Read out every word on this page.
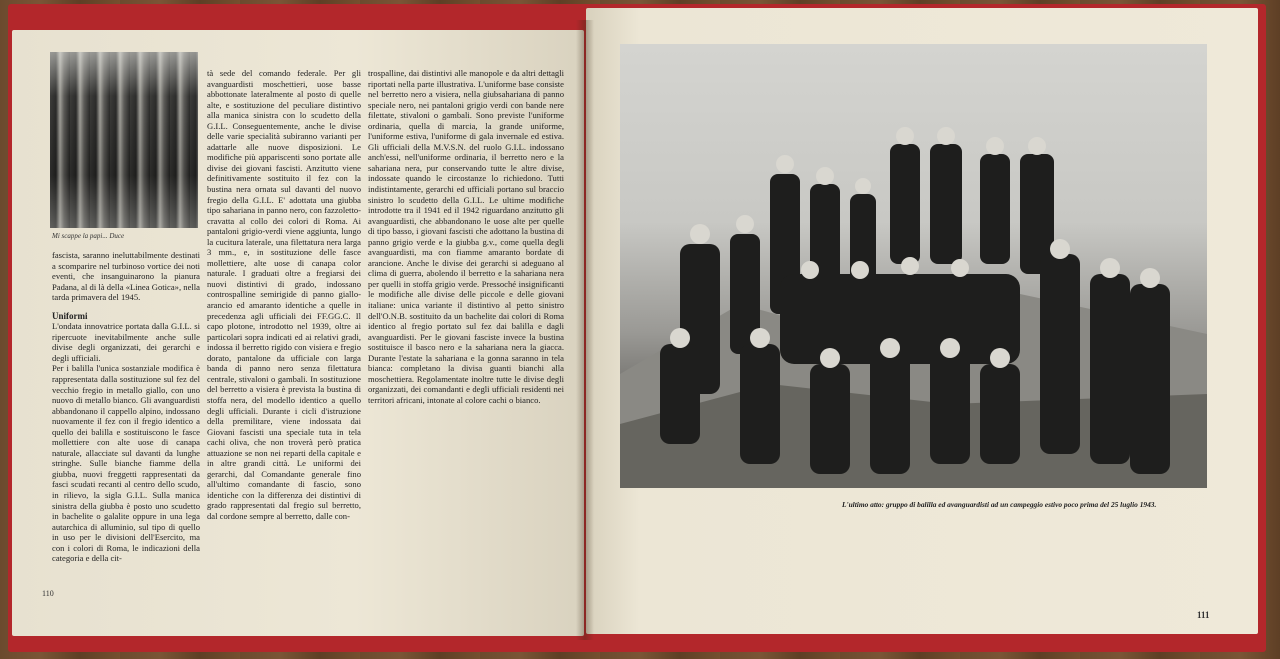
Mi scappe la papi... Duce

fascista, saranno ineluttabilmente destinati a scomparire nel turbinoso vortice dei noti eventi, che insanguinarono la pianura Padana, al di là della «Linea Gotica», nella tarda primavera del 1945.

Uniformi

L'ondata innovatrice portata dalla G.I.L. si ripercuote inevitabilmente anche sulle divise degli organizzati, dei gerarchi e degli ufficiali.

Per i balilla l'unica sostanziale modifica è rappresentata dalla sostituzione sul fez del vecchio fregio in metallo giallo, con uno nuovo di metallo bianco. Gli avanguardisti abbandonano il cappello alpino, indossano nuovamente il fez con il fregio identico a quello dei balilla e sostituiscono le fasce mollettiere con alte uose di canapa naturale, allacciate sul davanti da lunghe stringhe. Sulle bianche fiamme della giubba, nuovi freggetti rappresentati da fasci scudati recanti al centro dello scudo, in rilievo, la sigla G.I.L. Sulla manica sinistra della giubba è posto uno scudetto in bachelite o galalite oppure in una lega autarchica di alluminio, sul tipo di quello in uso per le divisioni dell'Esercito, ma con i colori di Roma, le indicazioni della categoria e della cit-

tà sede del comando federale. Per gli avanguardisti moschettieri, uose basse abbottonate lateralmente al posto di quelle alte, e sostituzione del peculiare distintivo alla manica sinistra con lo scudetto della G.I.L. Conseguentemente, anche le divise delle varie specialità subiranno varianti per adattarle alle nuove disposizioni. Le modifiche più appariscenti sono portate alle divise dei giovani fascisti. Anzitutto viene definitivamente sostituito il fez con la bustina nera ornata sul davanti del nuovo fregio della G.I.L. E' adottata una giubba tipo sahariana in panno nero, con fazzoletto-cravatta al collo dei colori di Roma. Ai pantaloni grigio-verdi viene aggiunta, lungo la cucitura laterale, una filettatura nera larga 3 mm., e, in sostituzione delle fasce mollettiere, alte uose di canapa color naturale. I graduati oltre a fregiarsi dei nuovi distintivi di grado, indossano controspalline semirigide di panno giallo-arancio ed amaranto identiche a quelle in precedenza agli ufficiali dei FF.GG.C. Il capo plotone, introdotto nel 1939, oltre ai particolari sopra indicati ed ai relativi gradi, indossa il berretto rigido con visiera e fregio dorato, pantalone da ufficiale con larga banda di panno nero senza filettatura centrale, stivaloni o gambali. In sostituzione del berretto a visiera è prevista la bustina di stoffa nera, del modello identico a quello degli ufficiali. Durante i cicli d'istruzione della premilitare, viene indossata dai Giovani fascisti una speciale tuta in tela cachi oliva, che non troverà però pratica attuazione se non nei reparti della capitale e in altre grandi città. Le uniformi dei gerarchi, dal Comandante generale fino all'ultimo comandante di fascio, sono identiche con la differenza dei distintivi di grado rappresentati dal fregio sul berretto, dal cordone sempre al berretto, dalle con-
trospalline, dai distintivi alle manopole e da altri dettagli riportati nella parte illustrativa. L'uniforme base consiste nel berretto nero a visiera, nella giubsahariana di panno speciale nero, nei pantaloni grigio verdi con bande nere filettate, stivaloni o gambali. Sono previste l'uniforme ordinaria, quella di marcia, la grande uniforme, l'uniforme estiva, l'uniforme di gala invernale ed estiva. Gli ufficiali della M.V.S.N. del ruolo G.I.L. indossano anch'essi, nell'uniforme ordinaria, il berretto nero e la sahariana nera, pur conservando tutte le altre divise, indossate quando le circostanze lo richiedono. Tutti indistintamente, gerarchi ed ufficiali portano sul braccio sinistro lo scudetto della G.I.L. Le ultime modifiche introdotte tra il 1941 ed il 1942 riguardano anzitutto gli avanguardisti, che abbandonano le uose alte per quelle di tipo basso, i giovani fascisti che adottano la bustina di panno grigio verde e la giubba g.v., come quella degli avanguardisti, ma con fiamme amaranto bordate di arancione. Anche le divise dei gerarchi si adeguano al clima di guerra, abolendo il berretto e la sahariana nera per quelli in stoffa grigio verde. Pressoché insignificanti le modifiche alle divise delle piccole e delle giovani italiane: unica variante il distintivo al petto sinistro dell'O.N.B. sostituito da un bachelite dai colori di Roma identico al fregio portato sul fez dai balilla e dagli avanguardisti. Per le giovani fasciste invece la bustina sostituisce il basco nero e la sahariana nera la giacca. Durante l'estate la sahariana e la gonna saranno in tela bianca: completano la divisa guanti bianchi alla moschettiera. Regolamentate inoltre tutte le divise degli organizzati, dei comandanti e degli ufficiali residenti nei territori africani, intonate al colore cachi o bianco.
110
L'ultimo atto: gruppo di balilla ed avanguardisti ad un campeggio estivo poco prima del 25 luglio 1943.
111
